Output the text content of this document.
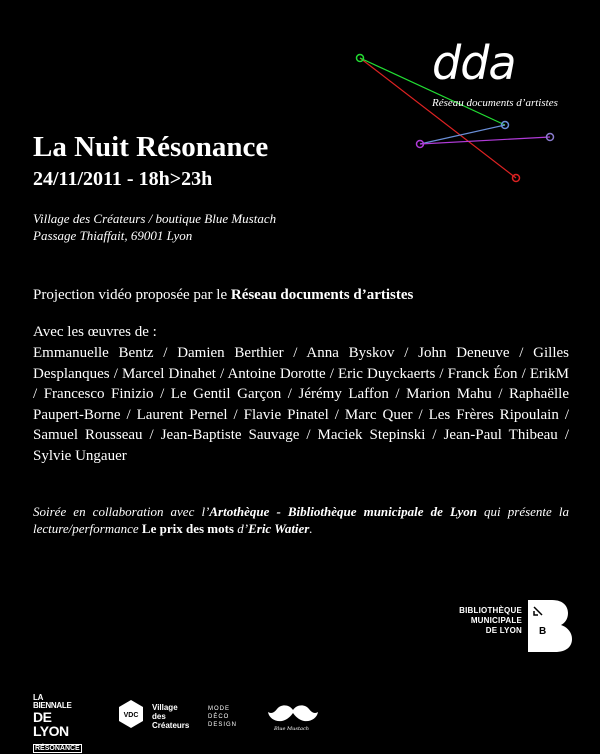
dda
Réseau documents d’artistes
La Nuit Résonance
24/11/2011 - 18h>23h
Village des Créateurs / boutique Blue Mustach
Passage Thiaffait, 69001 Lyon
Projection vidéo proposée par le Réseau documents d’artistes
Avec les œuvres de :
Emmanuelle Bentz / Damien Berthier / Anna Byskov / John Deneuve / Gilles Desplanques / Marcel Dinahet / Antoine Dorotte / Eric Duyckaerts / Franck Éon / ErikM / Francesco Finizio / Le Gentil Garçon / Jérémy Laffon / Marion Mahu / Raphaëlle Paupert-Borne / Laurent Pernel / Flavie Pinatel / Marc Quer / Les Frères Ripoulain / Samuel Rousseau / Jean-Baptiste Sauvage / Maciek Stepinski / Jean-Paul Thibeau / Sylvie Ungauer
Soirée en collaboration avec l’Artothèque - Bibliothèque municipale de Lyon qui présente la lecture/performance Le prix des mots d’Eric Watier.
BIBLIOTHÈQUE
MUNICIPALE
DE LYON B
LA BIENNALE
DE LYON
RÉSONANCE
VDC
Village
des
Créateurs
MODE
DÉCO
DESIGN
Blue Mustach
